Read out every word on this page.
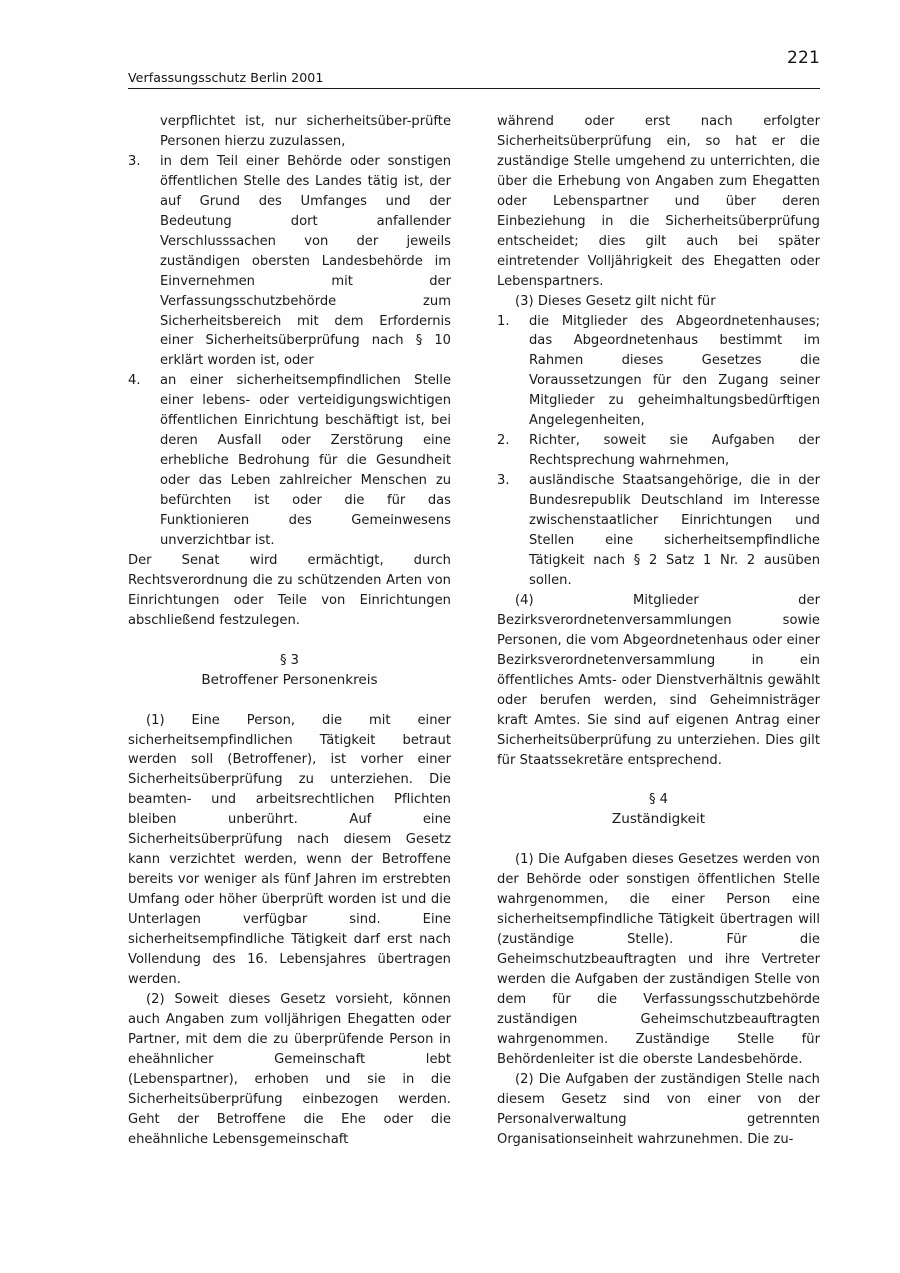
221
Verfassungsschutz Berlin 2001

verpflichtet ist, nur sicherheitsüber-prüfte Personen hierzu zuzulassen,

3.	in dem Teil einer Behörde oder sonstigen öffentlichen Stelle des Landes tätig ist, der auf Grund des Umfanges und der Bedeutung dort anfallender Verschlusssachen von der jeweils zuständigen obersten Landesbehörde im Einvernehmen mit der Verfassungsschutzbehörde zum Sicherheitsbereich mit dem Erfordernis einer Sicherheitsüberprüfung nach § 10 erklärt worden ist, oder

4.	an einer sicherheitsempfindlichen Stelle einer lebens- oder verteidigungswichtigen öffentlichen Einrichtung beschäftigt ist, bei deren Ausfall oder Zerstörung eine erhebliche Bedrohung für die Gesundheit oder das Leben zahlreicher Menschen zu befürchten ist oder die für das Funktionieren des Gemeinwesens unverzichtbar ist.

Der Senat wird ermächtigt, durch Rechtsverordnung die zu schützenden Arten von Einrichtungen oder Teile von Einrichtungen abschließend festzulegen.

§ 3
Betroffener Personenkreis

(1) Eine Person, die mit einer sicherheitsempfindlichen Tätigkeit betraut werden soll (Betroffener), ist vorher einer Sicherheitsüberprüfung zu unterziehen. Die beamten- und arbeitsrechtlichen Pflichten bleiben unberührt. Auf eine Sicherheitsüberprüfung nach diesem Gesetz kann verzichtet werden, wenn der Betroffene bereits vor weniger als fünf Jahren im erstrebten Umfang oder höher überprüft worden ist und die Unterlagen verfügbar sind. Eine sicherheitsempfindliche Tätigkeit darf erst nach Vollendung des 16. Lebensjahres übertragen werden.

(2) Soweit dieses Gesetz vorsieht, können auch Angaben zum volljährigen Ehegatten oder Partner, mit dem die zu überprüfende Person in eheähnlicher Gemeinschaft lebt (Lebenspartner), erhoben und sie in die Sicherheitsüberprüfung einbezogen werden. Geht der Betroffene die Ehe oder die eheähnliche Lebensgemeinschaft

während oder erst nach erfolgter Sicherheitsüberprüfung ein, so hat er die zuständige Stelle umgehend zu unterrichten, die über die Erhebung von Angaben zum Ehegatten oder Lebenspartner und über deren Einbeziehung in die Sicherheitsüberprüfung entscheidet; dies gilt auch bei später eintretender Volljährigkeit des Ehegatten oder Lebenspartners.

(3) Dieses Gesetz gilt nicht für

1.	die Mitglieder des Abgeordnetenhauses; das Abgeordnetenhaus bestimmt im Rahmen dieses Gesetzes die Voraussetzungen für den Zugang seiner Mitglieder zu geheimhaltungsbedürftigen Angelegenheiten,

2.	Richter, soweit sie Aufgaben der Rechtsprechung wahrnehmen,

3.	ausländische Staatsangehörige, die in der Bundesrepublik Deutschland im Interesse zwischenstaatlicher Einrichtungen und Stellen eine sicherheitsempfindliche Tätigkeit nach § 2 Satz 1 Nr. 2 ausüben sollen.

(4) Mitglieder der Bezirksverordnetenversammlungen sowie Personen, die vom Abgeordnetenhaus oder einer Bezirksverordnetenversammlung in ein öffentliches Amts- oder Dienstverhältnis gewählt oder berufen werden, sind Geheimnisträger kraft Amtes. Sie sind auf eigenen Antrag einer Sicherheitsüberprüfung zu unterziehen. Dies gilt für Staatssekretäre entsprechend.

§ 4
Zuständigkeit

(1) Die Aufgaben dieses Gesetzes werden von der Behörde oder sonstigen öffentlichen Stelle wahrgenommen, die einer Person eine sicherheitsempfindliche Tätigkeit übertragen will (zuständige Stelle). Für die Geheimschutzbeauftragten und ihre Vertreter werden die Aufgaben der zuständigen Stelle von dem für die Verfassungsschutzbehörde zuständigen Geheimschutzbeauftragten wahrgenommen. Zuständige Stelle für Behördenleiter ist die oberste Landesbehörde.

(2) Die Aufgaben der zuständigen Stelle nach diesem Gesetz sind von einer von der Personalverwaltung getrennten Organisationseinheit wahrzunehmen. Die zu-
